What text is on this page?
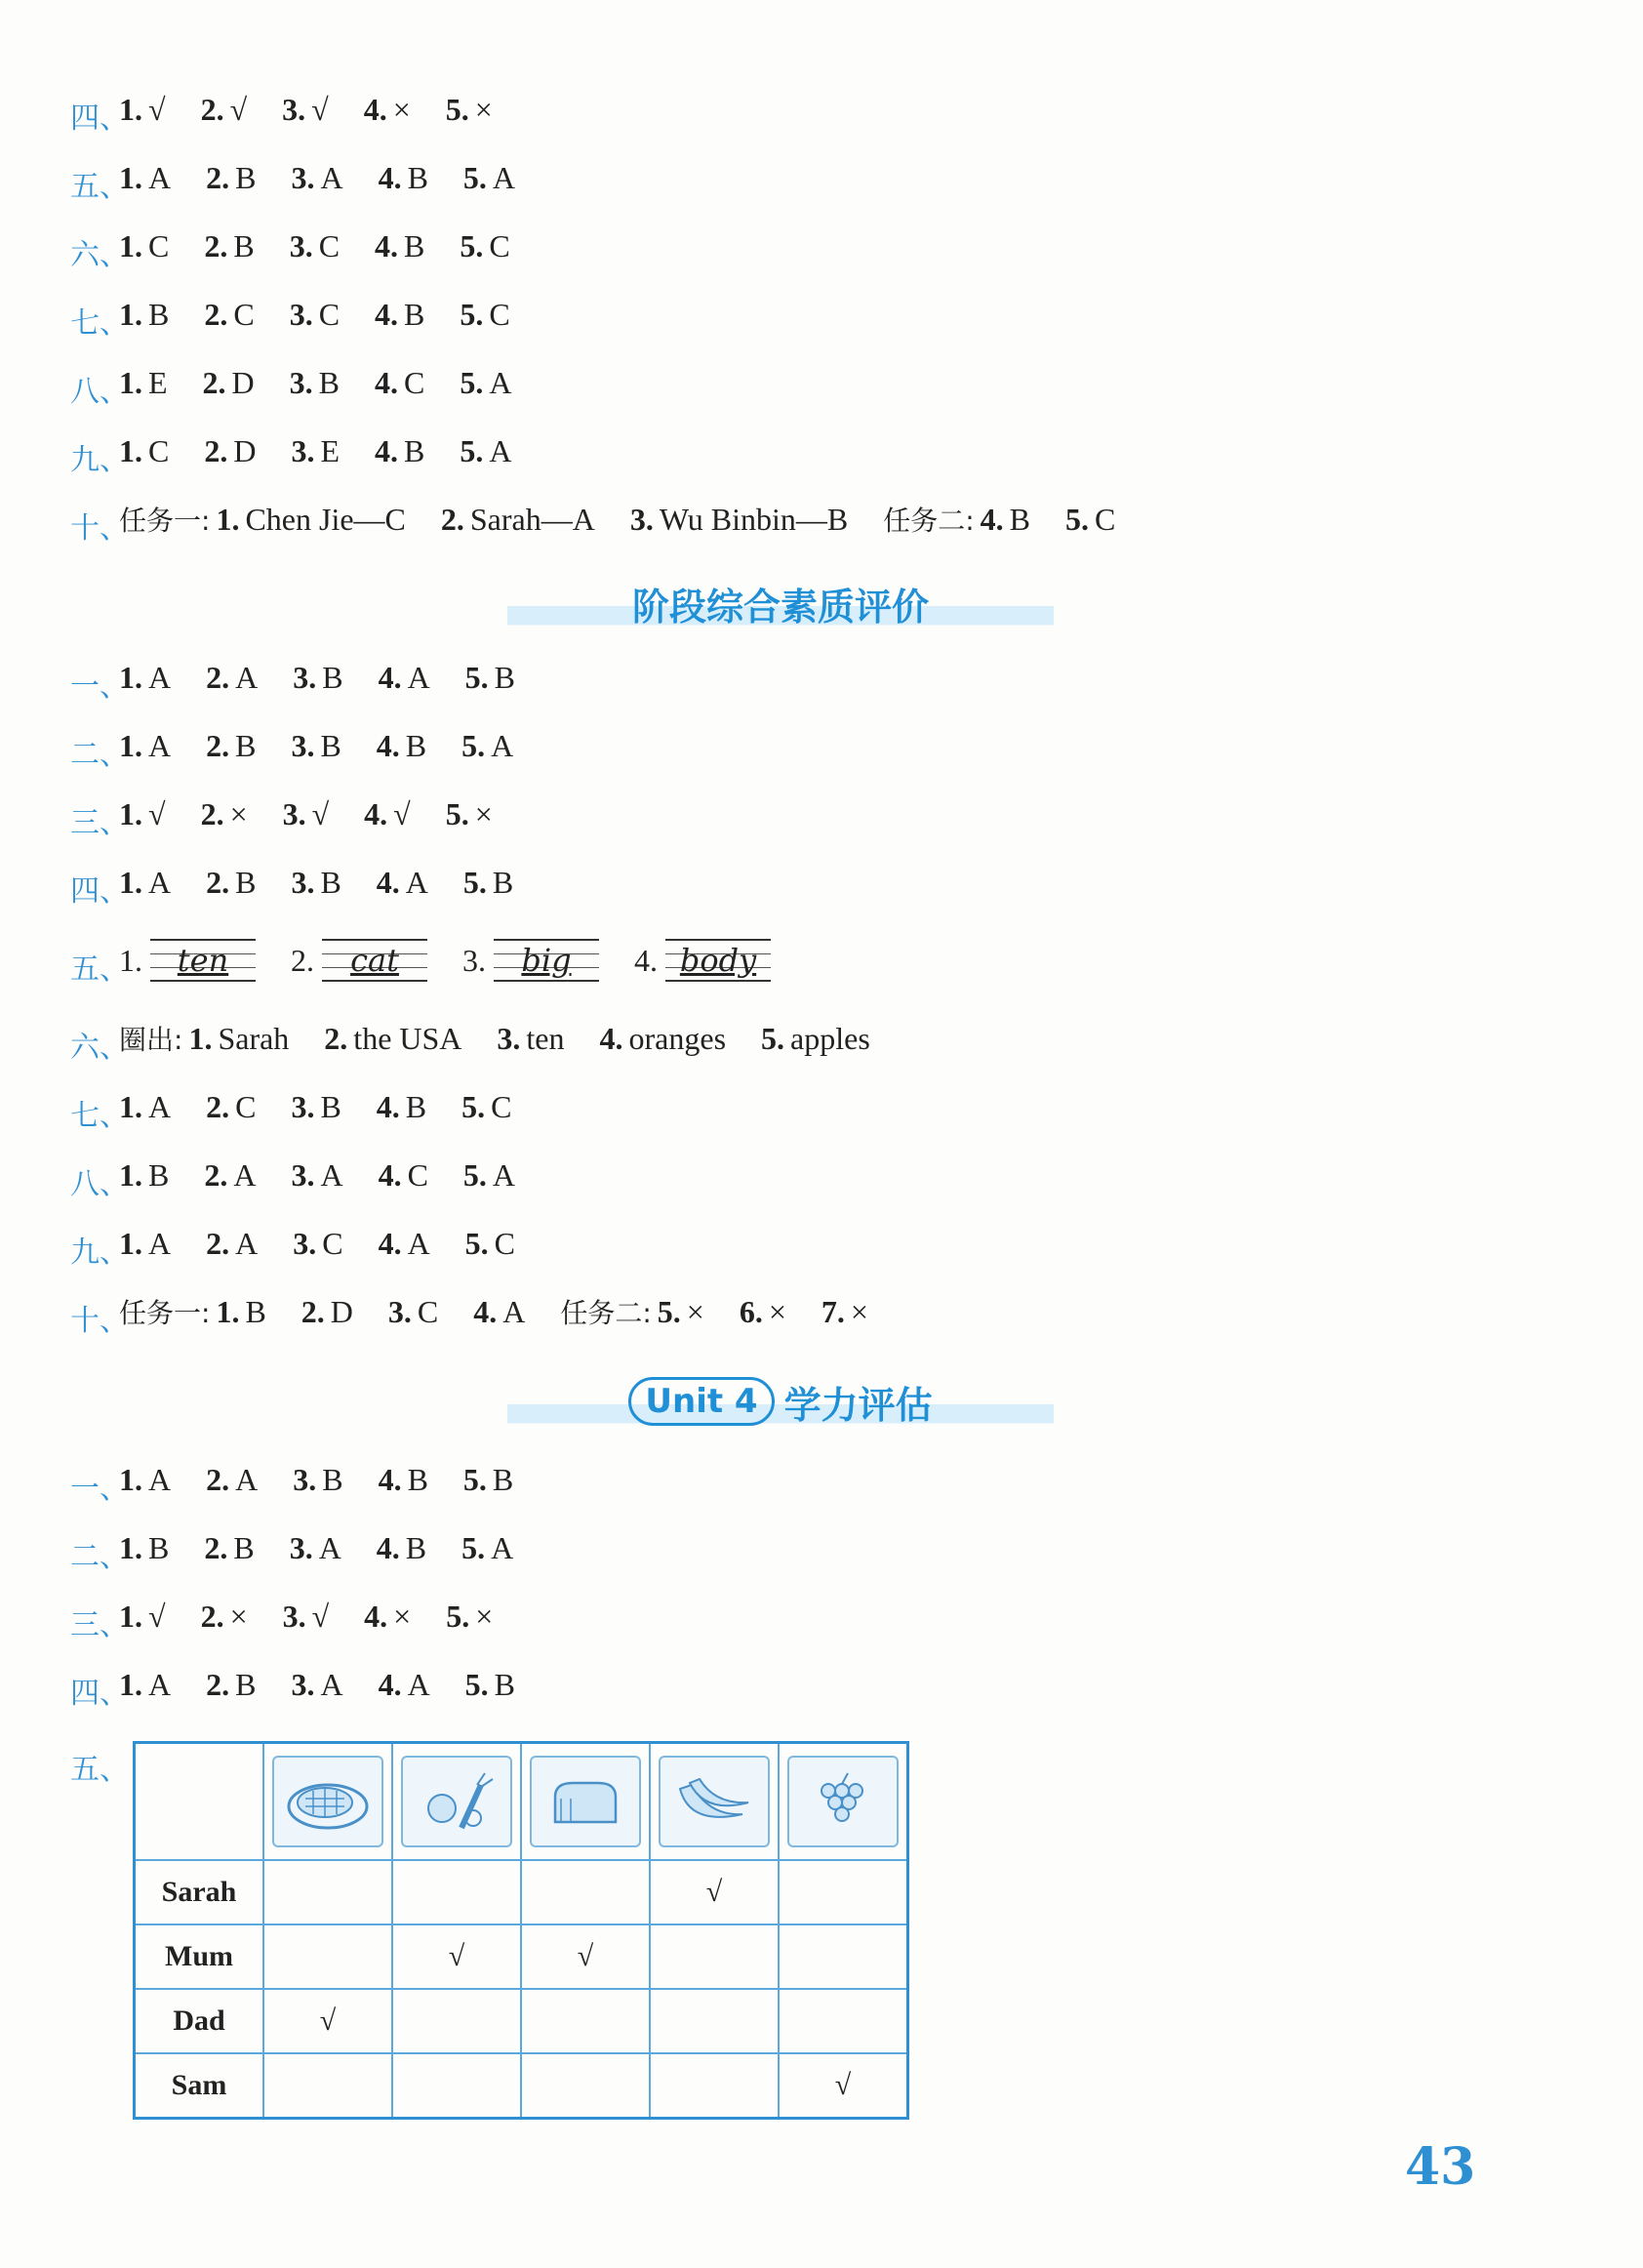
四、
1. √ 2. √ 3. √ 4. × 5. ×
五、
1. A 2. B 3. A 4. B 5. A
六、
1. C 2. B 3. C 4. B 5. C
七、
1. B 2. C 3. C 4. B 5. C
八、
1. E 2. D 3. B 4. C 5. A
九、
1. C 2. D 3. E 4. B 5. A
十、
任务一: 1. Chen Jie—C 2. Sarah—A 3. Wu Binbin—B 任务二: 4. B 5. C
一、
1. A 2. A 3. B 4. A 5. B
二、
1. A 2. B 3. B 4. B 5. A
三、
1. √ 2. × 3. √ 4. √ 5. ×
四、
1. A 2. B 3. B 4. A 5. B
五、
1.	ten	2.	cat	3.	big	4. body
六、
圈出: 1. Sarah 2. the USA 3. ten 4. oranges 5. apples
七、
1. A 2. C 3. B 4. B 5. C
八、
1. B 2. A 3. A 4. C 5. A
九、
1. A 2. A 3. C 4. A 5. C
十、
任务一: 1. B 2. D 3. C 4. A 任务二: 5. × 6. × 7. ×
一、
1. A 2. A 3. B 4. B 5. B
二、
1. B 2. B 3. A 4. B 5. A
三、
1. √ 2. × 3. √ 4. × 5. ×
四、
1. A 2. B 3. A 4. A 5. B
阶段综合素质评价
Unit 4 学力评估
五、

Sarah				√	
Mum		√	√		
Dad	√				
Sam					√
43
